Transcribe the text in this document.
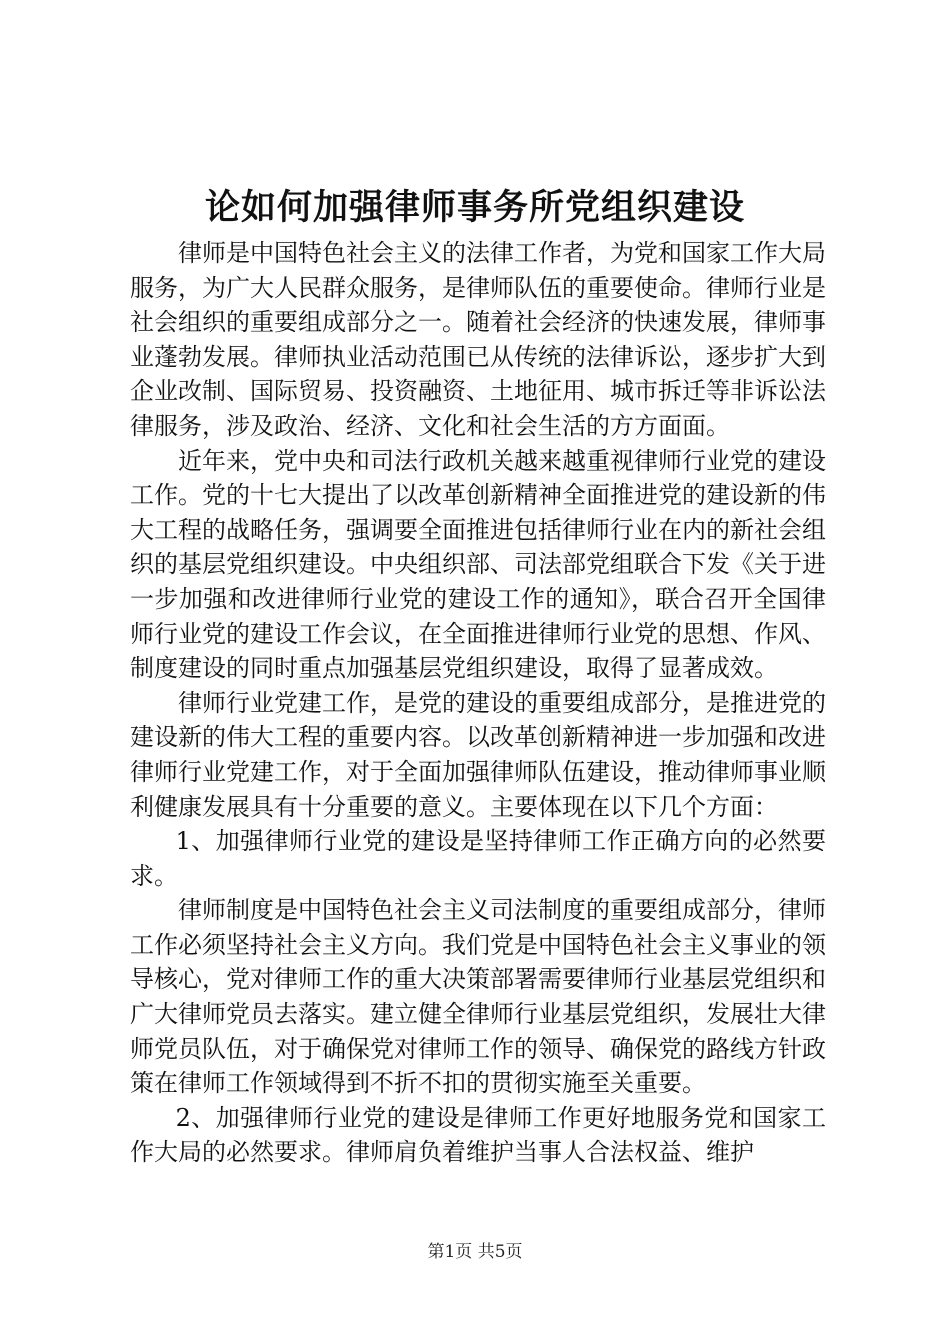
论如何加强律师事务所党组织建设

律师是中国特色社会主义的法律工作者，为党和国家工作大局服务，为广大人民群众服务，是律师队伍的重要使命。律师行业是社会组织的重要组成部分之一。随着社会经济的快速发展，律师事业蓬勃发展。律师执业活动范围已从传统的法律诉讼，逐步扩大到企业改制、国际贸易、投资融资、土地征用、城市拆迁等非诉讼法律服务，涉及政治、经济、文化和社会生活的方方面面。

近年来，党中央和司法行政机关越来越重视律师行业党的建设工作。党的十七大提出了以改革创新精神全面推进党的建设新的伟大工程的战略任务，强调要全面推进包括律师行业在内的新社会组织的基层党组织建设。中央组织部、司法部党组联合下发《关于进一步加强和改进律师行业党的建设工作的通知》，联合召开全国律师行业党的建设工作会议，在全面推进律师行业党的思想、作风、制度建设的同时重点加强基层党组织建设，取得了显著成效。

律师行业党建工作，是党的建设的重要组成部分，是推进党的建设新的伟大工程的重要内容。以改革创新精神进一步加强和改进律师行业党建工作，对于全面加强律师队伍建设，推动律师事业顺利健康发展具有十分重要的意义。主要体现在以下几个方面：

1、加强律师行业党的建设是坚持律师工作正确方向的必然要求。

律师制度是中国特色社会主义司法制度的重要组成部分，律师工作必须坚持社会主义方向。我们党是中国特色社会主义事业的领导核心，党对律师工作的重大决策部署需要律师行业基层党组织和广大律师党员去落实。建立健全律师行业基层党组织，发展壮大律师党员队伍，对于确保党对律师工作的领导、确保党的路线方针政策在律师工作领域得到不折不扣的贯彻实施至关重要。

2、加强律师行业党的建设是律师工作更好地服务党和国家工作大局的必然要求。律师肩负着维护当事人合法权益、维护

第1页 共5页
